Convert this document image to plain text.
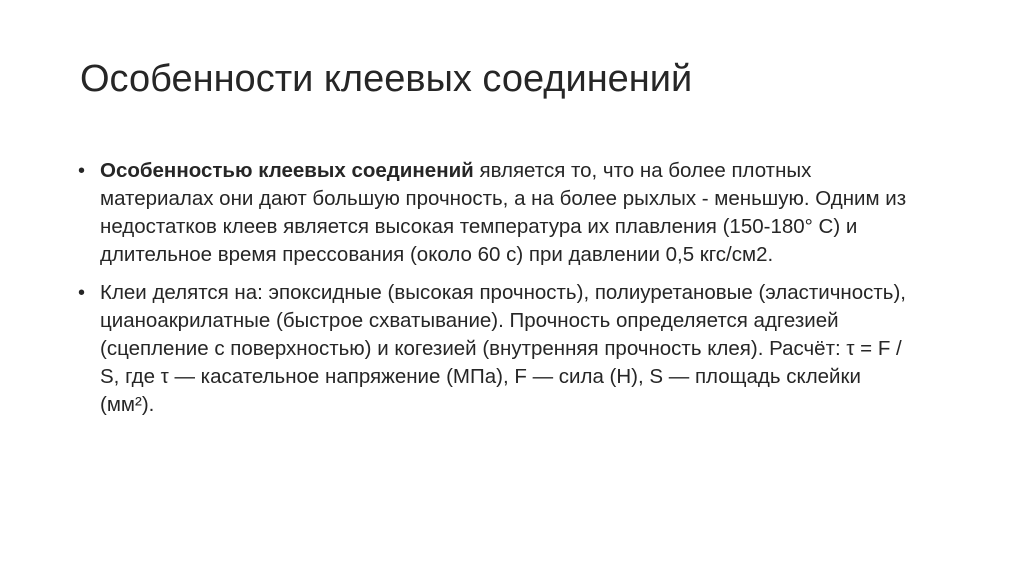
Особенности клеевых соединений
• Особенностью клеевых соединений является то, что на более плотных материалах они дают большую прочность, а на более рыхлых - меньшую. Одним из недостатков клеев является высокая температура их плавления (150-180° С) и длительное время прессования (около 60 с) при давлении 0,5 кгс/см2.
• Клеи делятся на: эпоксидные (высокая прочность), полиуретановые (эластичность), цианоакрилатные (быстрое схватывание). Прочность определяется адгезией (сцепление с поверхностью) и когезией (внутренняя прочность клея). Расчёт: τ = F / S, где τ — касательное напряжение (МПа), F — сила (Н), S — площадь склейки (мм²).
